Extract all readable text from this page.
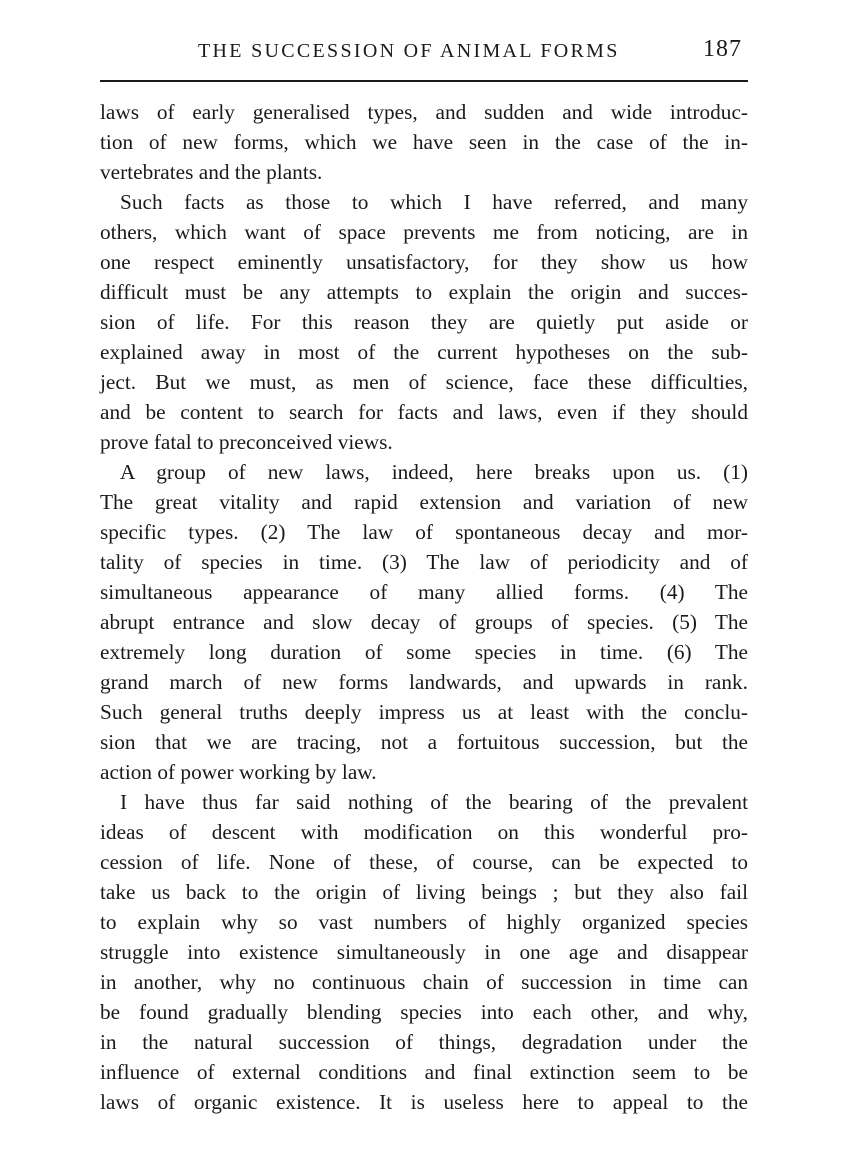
THE SUCCESSION OF ANIMAL FORMS	187
laws of early generalised types, and sudden and wide introduc-
tion of new forms, which we have seen in the case of the in-
vertebrates and the plants.
Such facts as those to which I have referred, and many
others, which want of space prevents me from noticing, are in
one respect eminently unsatisfactory, for they show us how
difficult must be any attempts to explain the origin and succes-
sion of life. For this reason they are quietly put aside or
explained away in most of the current hypotheses on the sub-
ject. But we must, as men of science, face these difficulties,
and be content to search for facts and laws, even if they should
prove fatal to preconceived views.
A group of new laws, indeed, here breaks upon us. (1)
The great vitality and rapid extension and variation of new
specific types. (2) The law of spontaneous decay and mor-
tality of species in time. (3) The law of periodicity and of
simultaneous appearance of many allied forms. (4) The
abrupt entrance and slow decay of groups of species. (5) The
extremely long duration of some species in time. (6) The
grand march of new forms landwards, and upwards in rank.
Such general truths deeply impress us at least with the conclu-
sion that we are tracing, not a fortuitous succession, but the
action of power working by law.
I have thus far said nothing of the bearing of the prevalent
ideas of descent with modification on this wonderful pro-
cession of life. None of these, of course, can be expected to
take us back to the origin of living beings ; but they also fail
to explain why so vast numbers of highly organized species
struggle into existence simultaneously in one age and disappear
in another, why no continuous chain of succession in time can
be found gradually blending species into each other, and why,
in the natural succession of things, degradation under the
influence of external conditions and final extinction seem to be
laws of organic existence. It is useless here to appeal to the
